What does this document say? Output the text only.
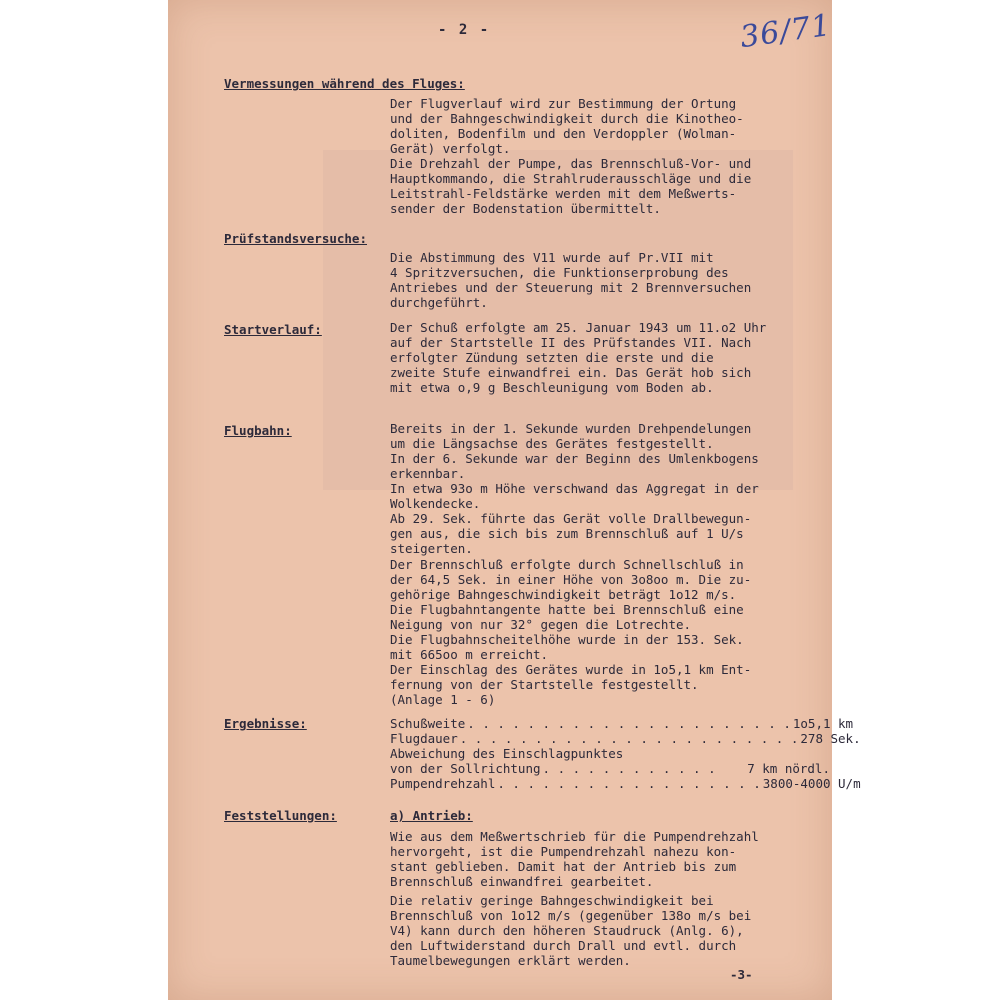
- 2 -	36/71
Vermessungen während des Fluges:
Der Flugverlauf wird zur Bestimmung der Ortung
und der Bahngeschwindigkeit durch die Kinotheo-
doliten, Bodenfilm und den Verdoppler (Wolman-
Gerät) verfolgt.
Die Drehzahl der Pumpe, das Brennschluß-Vor- und
Hauptkommando, die Strahlruderausschläge und die
Leitstrahl-Feldstärke werden mit dem Meßwerts-
sender der Bodenstation übermittelt.
Prüfstandsversuche:
Die Abstimmung des V11 wurde auf Pr.VII mit
4 Spritzversuchen, die Funktionserprobung des
Antriebes und der Steuerung mit 2 Brennversuchen
durchgeführt.
Startverlauf:	Der Schuß erfolgte am 25. Januar 1943 um 11.o2 Uhr
auf der Startstelle II des Prüfstandes VII. Nach
erfolgter Zündung setzten die erste und die
zweite Stufe einwandfrei ein. Das Gerät hob sich
mit etwa o,9 g Beschleunigung vom Boden ab.
Flugbahn:	Bereits in der 1. Sekunde wurden Drehpendelungen
um die Längsachse des Gerätes festgestellt.
In der 6. Sekunde war der Beginn des Umlenkbogens
erkennbar.
In etwa 93o m Höhe verschwand das Aggregat in der
Wolkendecke.
Ab 29. Sek. führte das Gerät volle Drallbewegun-
gen aus, die sich bis zum Brennschluß auf 1 U/s
steigerten.
Der Brennschluß erfolgte durch Schnellschluß in
der 64,5 Sek. in einer Höhe von 3o8oo m. Die zu-
gehörige Bahngeschwindigkeit beträgt 1o12 m/s.
Die Flugbahntangente hatte bei Brennschluß eine
Neigung von nur 32° gegen die Lotrechte.
Die Flugbahnscheitelhöhe wurde in der 153. Sek.
mit 665oo m erreicht.
Der Einschlag des Gerätes wurde in 1o5,1 km Ent-
fernung von der Startstelle festgestellt.
(Anlage 1 - 6)
Ergebnisse:	Schußweite . . . . . . . . . . . . . . . . . . . . . . 1o5,1 km
Flugdauer . . . . . . . . . . . . . . . . . . . . . . . 278 Sek.
Abweichung des Einschlagpunktes
von der Sollrichtung . . . . . . . . . . . .	7 km nördl.
Pumpendrehzahl . . . . . . . . . . . . . . . . . . 3800-4000 U/m
Feststellungen:	a) Antrieb:
Wie aus dem Meßwertschrieb für die Pumpendrehzahl
hervorgeht, ist die Pumpendrehzahl nahezu kon-
stant geblieben. Damit hat der Antrieb bis zum
Brennschluß einwandfrei gearbeitet.
Die relativ geringe Bahngeschwindigkeit bei
Brennschluß von 1o12 m/s (gegenüber 138o m/s bei
V4) kann durch den höheren Staudruck (Anlg. 6),
den Luftwiderstand durch Drall und evtl. durch
Taumelbewegungen erklärt werden.
-3-
